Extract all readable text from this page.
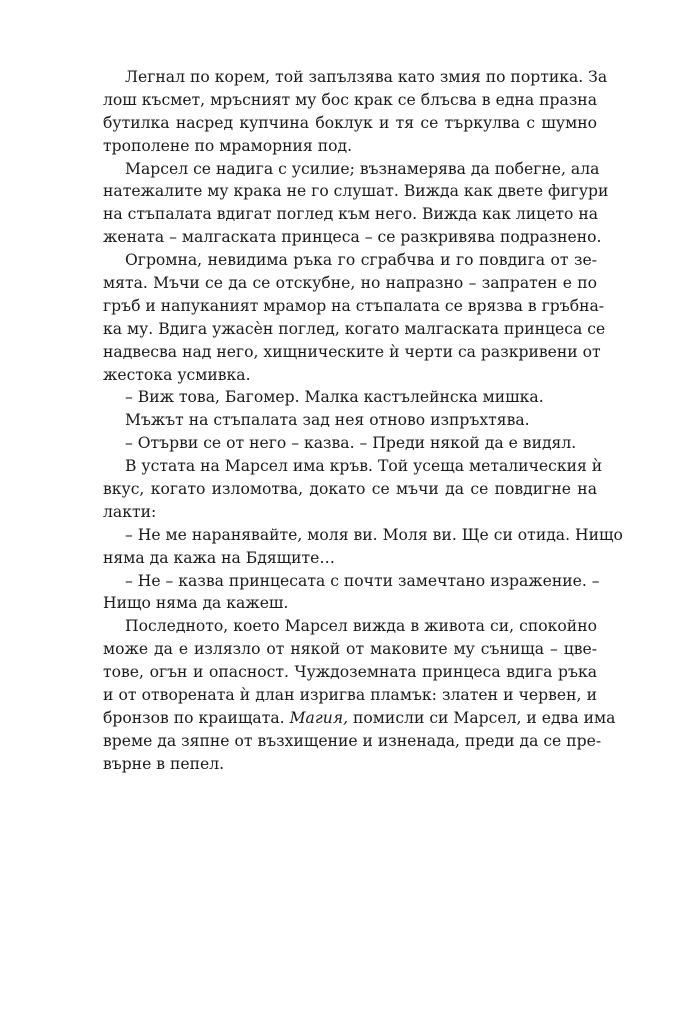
Легнал по корем, той запълзява като змия по портика. За
лош късмет, мръсният му бос крак се блъсва в една празна
бутилка насред купчина боклук и тя се търкулва с шумно
трополене по мраморния под.
Марсел се надига с усилие; възнамерява да побегне, ала
натежалите му крака не го слушат. Вижда как двете фигури
на стъпалата вдигат поглед към него. Вижда как лицето на
жената – малгаската принцеса – се разкривява подразнено.
Огромна, невидима ръка го сграбчва и го повдига от зе-
мята. Мъчи се да се отскубне, но напразно – запратен е по
гръб и напуканият мрамор на стъпалата се врязва в гръбна-
ка му. Вдига ужасѐн поглед, когато малгаската принцеса се
надвесва над него, хищническите ѝ черти са разкривени от
жестока усмивка.
– Виж това, Багомер. Малка кастълейнска мишка.
Мъжът на стъпалата зад нея отново изпръхтява.
– Отърви се от него – казва. – Преди някой да е видял.
В устата на Марсел има кръв. Той усеща металическия ѝ
вкус, когато изломотва, докато се мъчи да се повдигне на
лакти:
– Не ме наранявайте, моля ви. Моля ви. Ще си отида. Нищо
няма да кажа на Бдящите…
– Не – казва принцесата с почти замечтано изражение. –
Нищо няма да кажеш.
Последното, което Марсел вижда в живота си, спокойно
може да е излязло от някой от маковите му сънища – цве-
тове, огън и опасност. Чуждоземната принцеса вдига ръка
и от отворената ѝ длан изригва пламък: златен и червен, и
бронзов по краищата. Магия, помисли си Марсел, и едва има
време да зяпне от възхищение и изненада, преди да се пре-
върне в пепел.
